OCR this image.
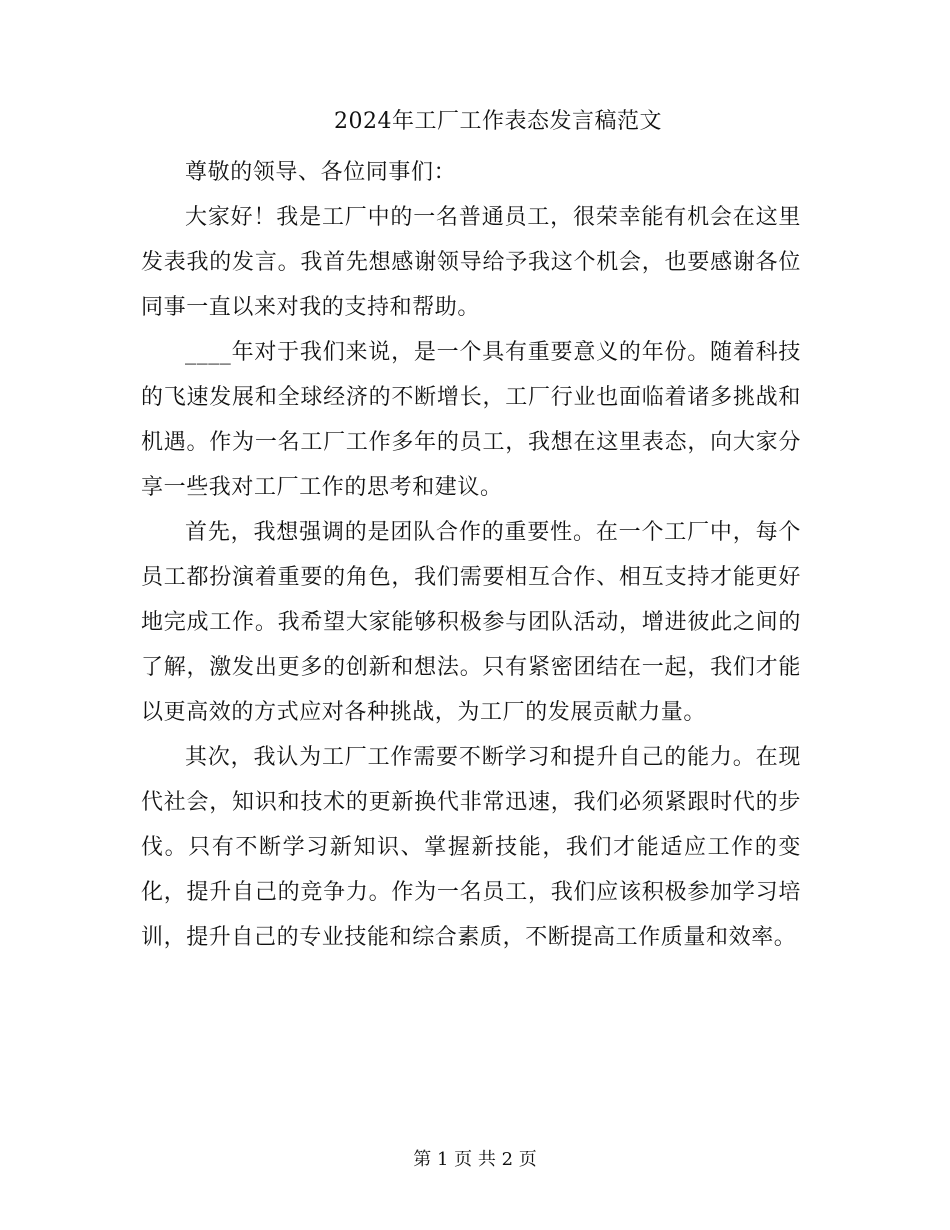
2024年工厂工作表态发言稿范文

尊敬的领导、各位同事们：

大家好！我是工厂中的一名普通员工，很荣幸能有机会在这里发表我的发言。我首先想感谢领导给予我这个机会，也要感谢各位同事一直以来对我的支持和帮助。

____年对于我们来说，是一个具有重要意义的年份。随着科技的飞速发展和全球经济的不断增长，工厂行业也面临着诸多挑战和机遇。作为一名工厂工作多年的员工，我想在这里表态，向大家分享一些我对工厂工作的思考和建议。

首先，我想强调的是团队合作的重要性。在一个工厂中，每个员工都扮演着重要的角色，我们需要相互合作、相互支持才能更好地完成工作。我希望大家能够积极参与团队活动，增进彼此之间的了解，激发出更多的创新和想法。只有紧密团结在一起，我们才能以更高效的方式应对各种挑战，为工厂的发展贡献力量。

其次，我认为工厂工作需要不断学习和提升自己的能力。在现代社会，知识和技术的更新换代非常迅速，我们必须紧跟时代的步伐。只有不断学习新知识、掌握新技能，我们才能适应工作的变化，提升自己的竞争力。作为一名员工，我们应该积极参加学习培训，提升自己的专业技能和综合素质，不断提高工作质量和效率。

第 1 页 共 2 页
